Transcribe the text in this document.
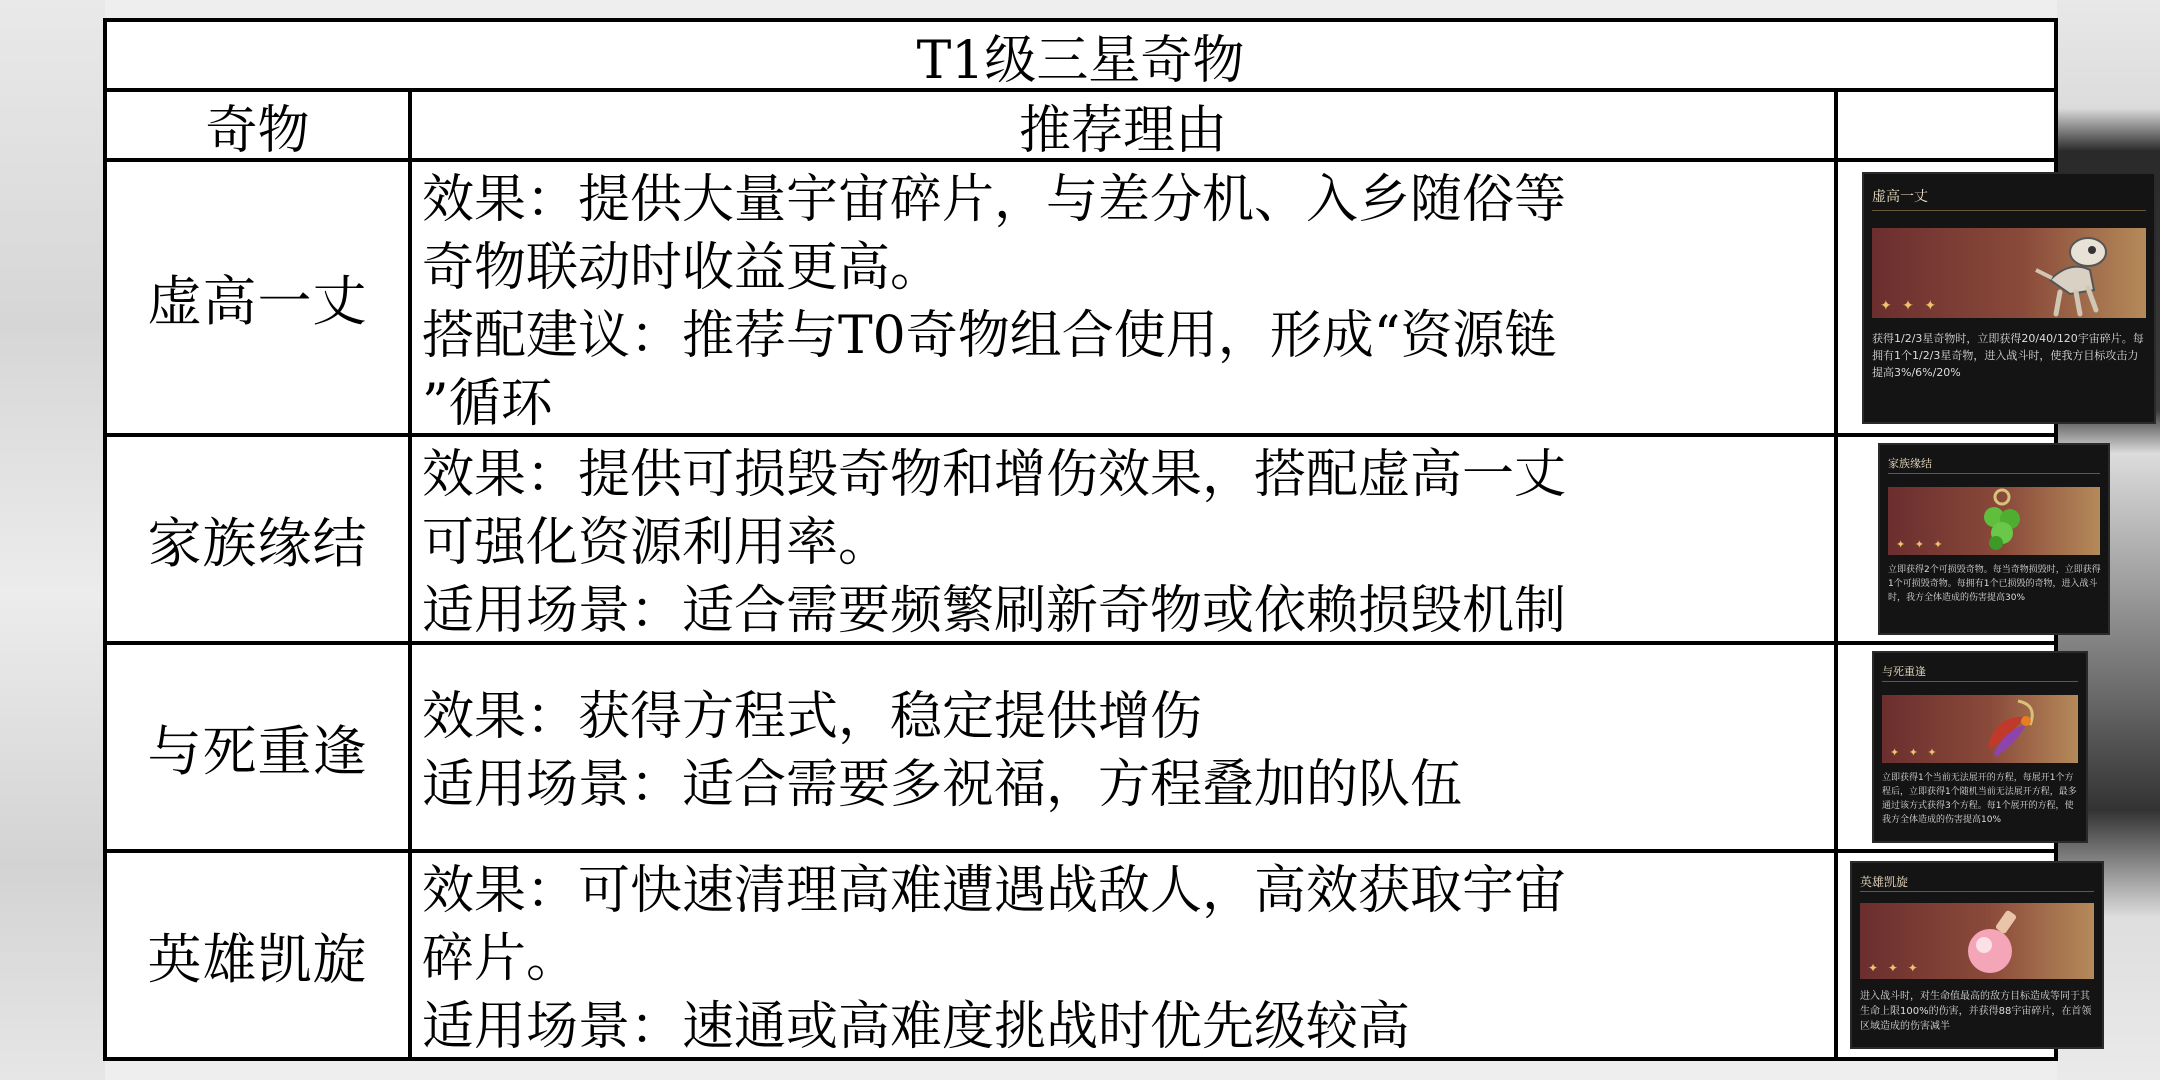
T1级三星奇物
奇物	推荐理由
虚高一丈

效果：提供大量宇宙碎片，与差分机、入乡随俗等

奇物联动时收益更高。

搭配建议：推荐与T0奇物组合使用，形成“资源链

”循环

虚高一丈
✦ ✦ ✦
获得1/2/3星奇物时，立即获得20/40/120宇宙碎片。每拥有1个1/2/3星奇物，进入战斗时，使我方目标攻击力提高3%/6%/20%
家族缘结

效果：提供可损毁奇物和增伤效果，搭配虚高一丈

可强化资源利用率。

适用场景：适合需要频繁刷新奇物或依赖损毁机制

家族缘结
✦ ✦ ✦
立即获得2个可损毁奇物。每当奇物损毁时，立即获得1个可损毁奇物。每拥有1个已损毁的奇物，进入战斗时，我方全体造成的伤害提高30%
与死重逢

效果：获得方程式，稳定提供增伤

适用场景：适合需要多祝福，方程叠加的队伍

与死重逢
✦ ✦ ✦
立即获得1个当前无法展开的方程，每展开1个方程后，立即获得1个随机当前无法展开方程，最多通过该方式获得3个方程。每1个展开的方程，使我方全体造成的伤害提高10%
英雄凯旋

效果：可快速清理高难遭遇战敌人，高效获取宇宙

碎片。

适用场景：速通或高难度挑战时优先级较高

英雄凯旋
✦ ✦ ✦
进入战斗时，对生命值最高的敌方目标造成等同于其生命上限100%的伤害，并获得88宇宙碎片，在首领区域造成的伤害减半
